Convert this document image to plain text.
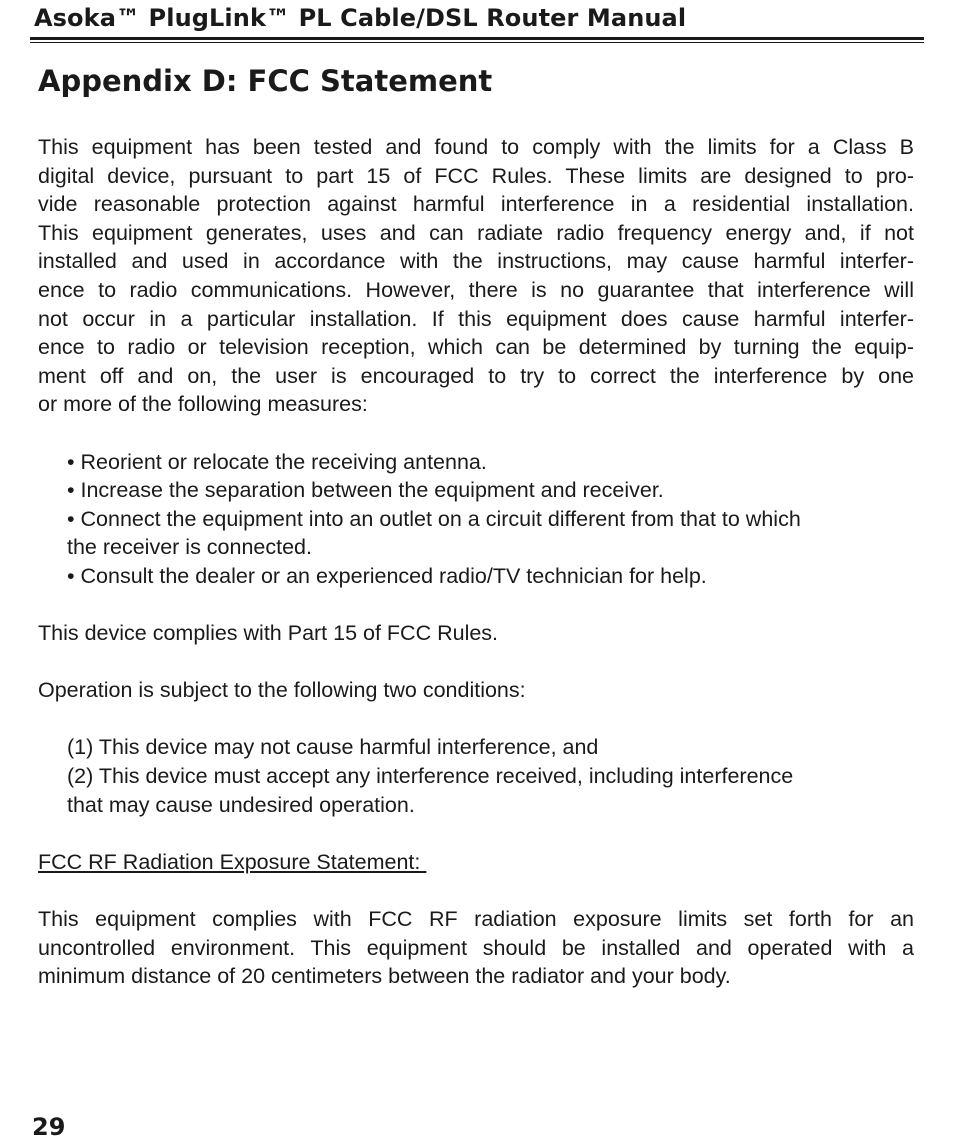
Asoka™ PlugLink™ PL Cable/DSL Router Manual
Appendix D: FCC Statement

This equipment has been tested and found to comply with the limits for a Class B

digital device, pursuant to part 15 of FCC Rules. These limits are designed to pro-

vide reasonable protection against harmful interference in a residential installation.

This equipment generates, uses and can radiate radio frequency energy and, if not

installed and used in accordance with the instructions, may cause harmful interfer-

ence to radio communications. However, there is no guarantee that interference will

not occur in a particular installation. If this equipment does cause harmful interfer-

ence to radio or television reception, which can be determined by turning the equip-

ment off and on, the user is encouraged to try to correct the interference by one

or more of the following measures:

• Reorient or relocate the receiving antenna.

• Increase the separation between the equipment and receiver.

• Connect the equipment into an outlet on a circuit different from that to which

the receiver is connected.

• Consult the dealer or an experienced radio/TV technician for help.

This device complies with Part 15 of FCC Rules.

Operation is subject to the following two conditions:

(1) This device may not cause harmful interference, and

(2) This device must accept any interference received, including interference

that may cause undesired operation.

FCC RF Radiation Exposure Statement:

This equipment complies with FCC RF radiation exposure limits set forth for an

uncontrolled environment. This equipment should be installed and operated with a

minimum distance of 20 centimeters between the radiator and your body.

29
